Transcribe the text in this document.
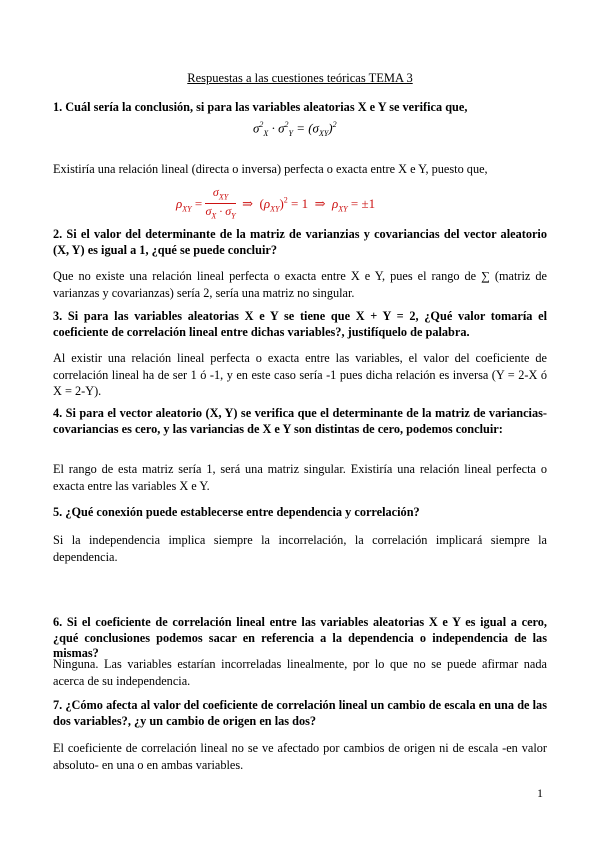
Respuestas a las cuestiones teóricas TEMA 3
1. Cuál sería la conclusión, si para las variables aleatorias X e Y se verifica que,
$\sigma^2_X \cdot \sigma^2_Y = (\sigma_{XY})^2$
Existiría una relación lineal (directa o inversa) perfecta o exacta entre X e Y, puesto que,
$\rho_{XY} = \frac{\sigma_{XY}}{\sigma_X \cdot \sigma_Y}$ ⇒  $(\rho_{XY})^2 = 1$  ⇒  $\rho_{XY} = \pm 1$
2. Si el valor del determinante de la matriz de varianzias y covariancias del vector aleatorio (X, Y) es igual a 1, ¿qué se puede concluir?
Que no existe una relación lineal perfecta o exacta entre X e Y, pues el rango de ∑ (matriz de varianzas y covarianzas) sería 2, sería una matriz no singular.
3. Si para las variables aleatorias X e Y se tiene que X + Y = 2, ¿Qué valor tomaría el coeficiente de correlación lineal entre dichas variables?, justifíquelo de palabra.
Al existir una relación lineal perfecta o exacta entre las variables, el valor del coeficiente de correlación lineal ha de ser 1 ó -1, y en este caso sería -1 pues dicha relación es inversa (Y = 2-X ó X = 2-Y).
4. Si para el vector aleatorio (X, Y) se verifica que el determinante de la matriz de variancias-covariancias es cero, y las variancias de X e Y son distintas de cero, podemos concluir:
El rango de esta matriz sería 1, será una matriz singular. Existiría una relación lineal perfecta o exacta entre las variables X e Y.
5. ¿Qué conexión puede establecerse entre dependencia y correlación?
Si la independencia implica siempre la incorrelación, la correlación implicará siempre la dependencia.
6. Si el coeficiente de correlación lineal entre las variables aleatorias X e Y es igual a cero, ¿qué conclusiones podemos sacar en referencia a la dependencia o independencia de las mismas?
Ninguna. Las variables estarían incorreladas linealmente, por lo que no se puede afirmar nada acerca de su independencia.
7. ¿Cómo afecta al valor del coeficiente de correlación lineal un cambio de escala en una de las dos variables?, ¿y un cambio de origen en las dos?
El coeficiente de correlación lineal no se ve afectado por cambios de origen ni de escala -en valor absoluto- en una o en ambas variables.
1
